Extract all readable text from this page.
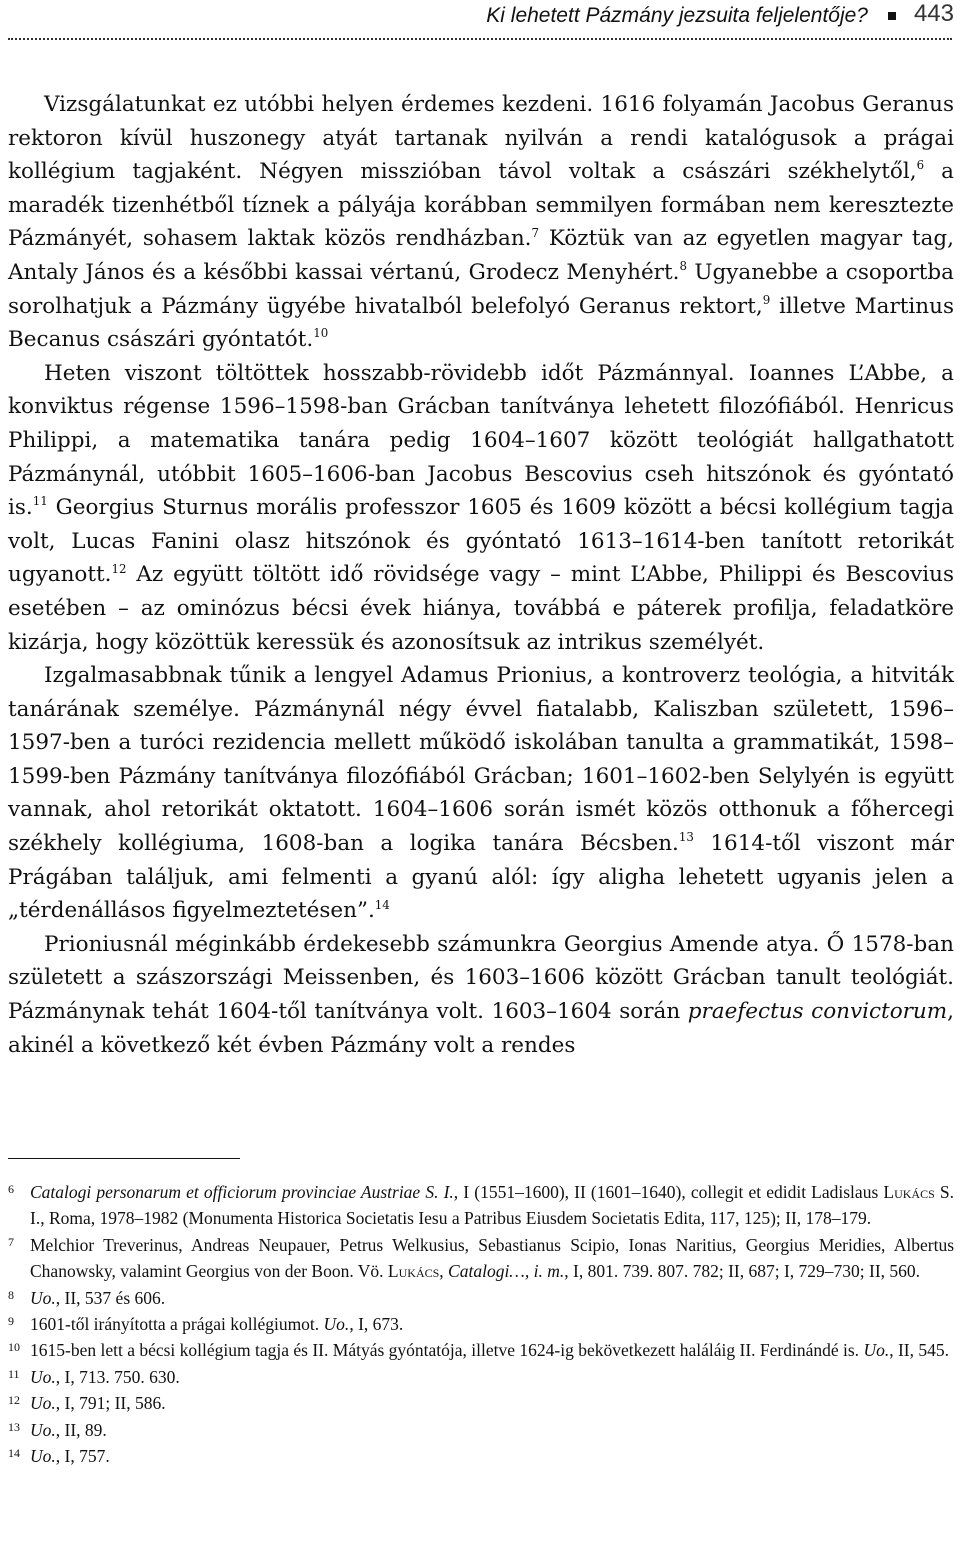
Ki lehetett Pázmány jezsuita feljelentője? 443

Vizsgálatunkat ez utóbbi helyen érdemes kezdeni. 1616 folyamán Jacobus Geranus rektoron kívül huszonegy atyát tartanak nyilván a rendi katalógusok a prágai kollégium tagjaként. Négyen misszióban távol voltak a császári székhelytől,$^6$ a maradék tizenhétből tíznek a pályája korábban semmilyen formában nem keresztezte Pázmányét, sohasem laktak közös rendházban.$^7$ Köztük van az egyetlen magyar tag, Antaly János és a későbbi kassai vértanú, Grodecz Menyhért.$^8$ Ugyanebbe a csoportba sorolhatjuk a Pázmány ügyébe hivatalból belefolyó Geranus rektort,$^9$ illetve Martinus Becanus császári gyóntatót.$^{10}$

Heten viszont töltöttek hosszabb-rövidebb időt Pázmánnyal. Ioannes L’Abbe, a konviktus régense 1596–1598-ban Grácban tanítványa lehetett filozófiából. Henricus Philippi, a matematika tanára pedig 1604–1607 között teológiát hallgathatott Pázmánynál, utóbbit 1605–1606-ban Jacobus Bescovius cseh hitszónok és gyóntató is.$^{11}$ Georgius Sturnus morális professzor 1605 és 1609 között a bécsi kollégium tagja volt, Lucas Fanini olasz hitszónok és gyóntató 1613–1614-ben tanított retorikát ugyanott.$^{12}$ Az együtt töltött idő rövidsége vagy – mint L’Abbe, Philippi és Bescovius esetében – az ominózus bécsi évek hiánya, továbbá e páterek profilja, feladatköre kizárja, hogy közöttük keressük és azonosítsuk az intrikus személyét.

Izgalmasabbnak tűnik a lengyel Adamus Prionius, a kontroverz teológia, a hitviták tanárának személye. Pázmánynál négy évvel fiatalabb, Kaliszban született, 1596–1597-ben a turóci rezidencia mellett működő iskolában tanulta a grammatikát, 1598–1599-ben Pázmány tanítványa filozófiából Grácban; 1601–1602-ben Selylyén is együtt vannak, ahol retorikát oktatott. 1604–1606 során ismét közös otthonuk a főhercegi székhely kollégiuma, 1608-ban a logika tanára Bécsben.$^{13}$ 1614-től viszont már Prágában találjuk, ami felmenti a gyanú alól: így aligha lehetett ugyanis jelen a „térdenállásos figyelmeztetésen”.$^{14}$

Prioniusnál méginkább érdekesebb számunkra Georgius Amende atya. Ő 1578-ban született a szászországi Meissenben, és 1603–1606 között Grácban tanult teológiát. Pázmánynak tehát 1604-től tanítványa volt. 1603–1604 során praefectus convictorum, akinél a következő két évben Pázmány volt a rendes

6 Catalogi personarum et officiorum provinciae Austriae S. I., I (1551–1600), II (1601–1640), collegit et edidit Ladislaus Lukács S. I., Roma, 1978–1982 (Monumenta Historica Societatis Iesu a Patribus Eiusdem Societatis Edita, 117, 125); II, 178–179.

7 Melchior Treverinus, Andreas Neupauer, Petrus Welkusius, Sebastianus Scipio, Ionas Naritius, Georgius Meridies, Albertus Chanowsky, valamint Georgius von der Boon. Vö. Lukács, Catalogi…, i. m., I, 801. 739. 807. 782; II, 687; I, 729–730; II, 560.

8 Uo., II, 537 és 606.

9 1601-től irányította a prágai kollégiumot. Uo., I, 673.

10 1615-ben lett a bécsi kollégium tagja és II. Mátyás gyóntatója, illetve 1624-ig bekövetkezett haláláig II. Ferdinándé is. Uo., II, 545.

11 Uo., I, 713. 750. 630.

12 Uo., I, 791; II, 586.

13 Uo., II, 89.

14 Uo., I, 757.
